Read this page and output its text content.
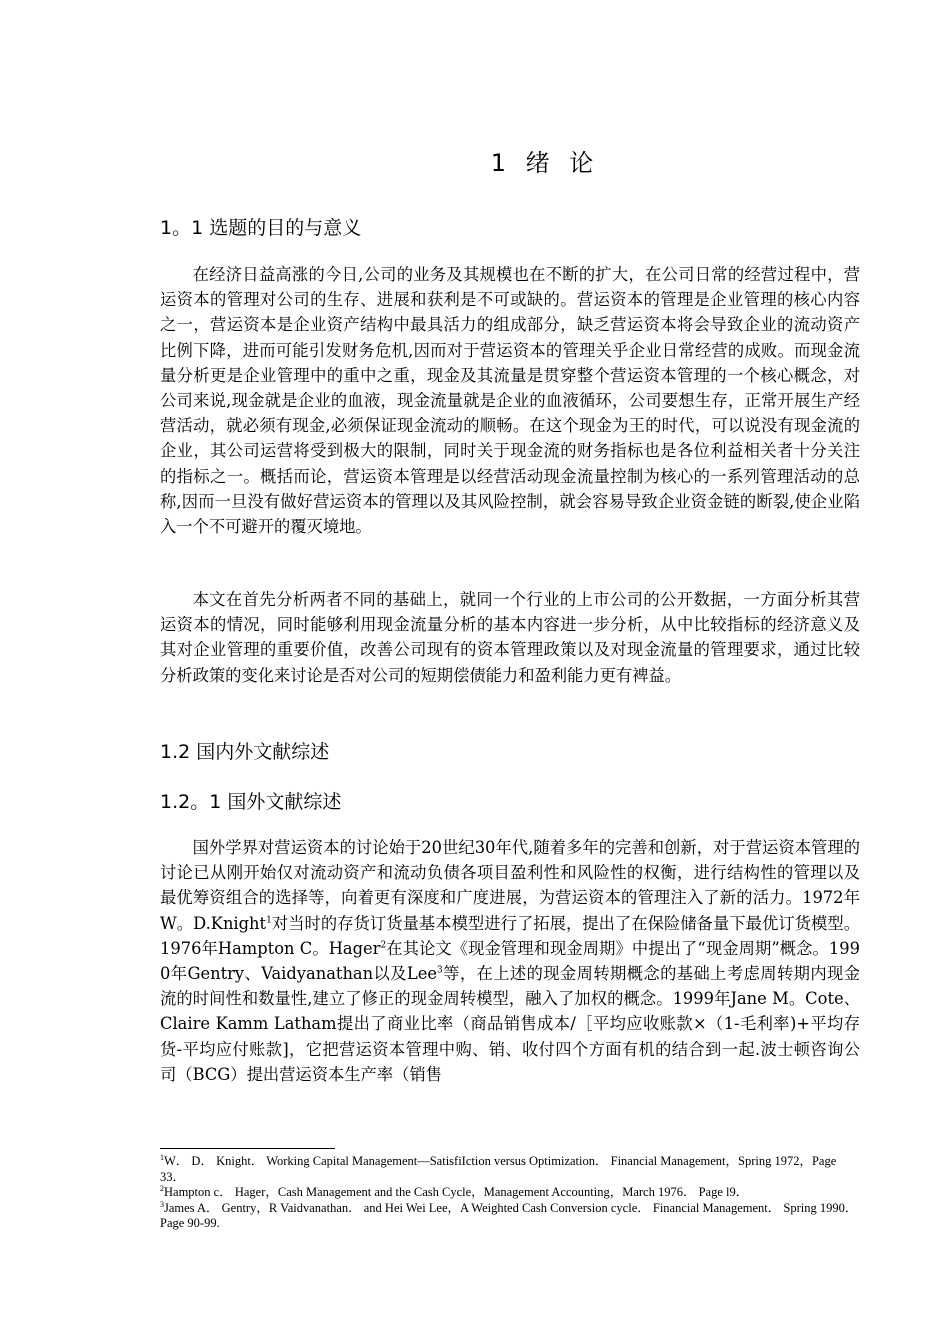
1 绪 论
1。1 选题的目的与意义

在经济日益高涨的今日,公司的业务及其规模也在不断的扩大，在公司日常的经营过程中，营运资本的管理对公司的生存、进展和获利是不可或缺的。营运资本的管理是企业管理的核心内容之一，营运资本是企业资产结构中最具活力的组成部分，缺乏营运资本将会导致企业的流动资产比例下降，进而可能引发财务危机,因而对于营运资本的管理关乎企业日常经营的成败。而现金流量分析更是企业管理中的重中之重，现金及其流量是贯穿整个营运资本管理的一个核心概念，对公司来说,现金就是企业的血液，现金流量就是企业的血液循环，公司要想生存，正常开展生产经营活动，就必须有现金,必须保证现金流动的顺畅。在这个现金为王的时代，可以说没有现金流的企业，其公司运营将受到极大的限制，同时关于现金流的财务指标也是各位利益相关者十分关注的指标之一。概括而论，营运资本管理是以经营活动现金流量控制为核心的一系列管理活动的总称,因而一旦没有做好营运资本的管理以及其风险控制，就会容易导致企业资金链的断裂,使企业陷入一个不可避开的覆灭境地。

本文在首先分析两者不同的基础上，就同一个行业的上市公司的公开数据，一方面分析其营运资本的情况，同时能够利用现金流量分析的基本内容进一步分析，从中比较指标的经济意义及其对企业管理的重要价值，改善公司现有的资本管理政策以及对现金流量的管理要求，通过比较分析政策的变化来讨论是否对公司的短期偿债能力和盈利能力更有裨益。

1.2 国内外文献综述
1.2。1 国外文献综述

国外学界对营运资本的讨论始于20世纪30年代,随着多年的完善和创新，对于营运资本管理的讨论已从刚开始仅对流动资产和流动负债各项目盈利性和风险性的权衡，进行结构性的管理以及最优筹资组合的选择等，向着更有深度和广度进展，为营运资本的管理注入了新的活力。1972年W。D.Knight$^1$对当时的存货订货量基本模型进行了拓展，提出了在保险储备量下最优订货模型。1976年Hampton C。Hager$^2$在其论文《现金管理和现金周期》中提出了“现金周期”概念。1990年Gentry、Vaidyanathan以及Lee$^3$等，在上述的现金周转期概念的基础上考虑周转期内现金流的时间性和数量性,建立了修正的现金周转模型，融入了加权的概念。1999年Jane M。Cote、Claire Kamm Latham提出了商业比率（商品销售成本/［平均应收账款×（1-毛利率)+平均存货-平均应付账款]，它把营运资本管理中购、销、收付四个方面有机的结合到一起.波士顿咨询公司（BCG）提出营运资本生产率（销售

$^1$W． D． Knight． Working Capital Management—SatisfiIction versus Optimization． Financial Management，Spring 1972，Page 33．

$^2$Hampton c． Hager，Cash Management and the Cash Cycle，Management Accounting，March 1976． Page l9．

$^3$James A． Gentry，R Vaidvanathan． and Hei Wei Lee，A Weighted Cash Conversion cycle． Financial Management． Spring 1990． Page 90-99.
